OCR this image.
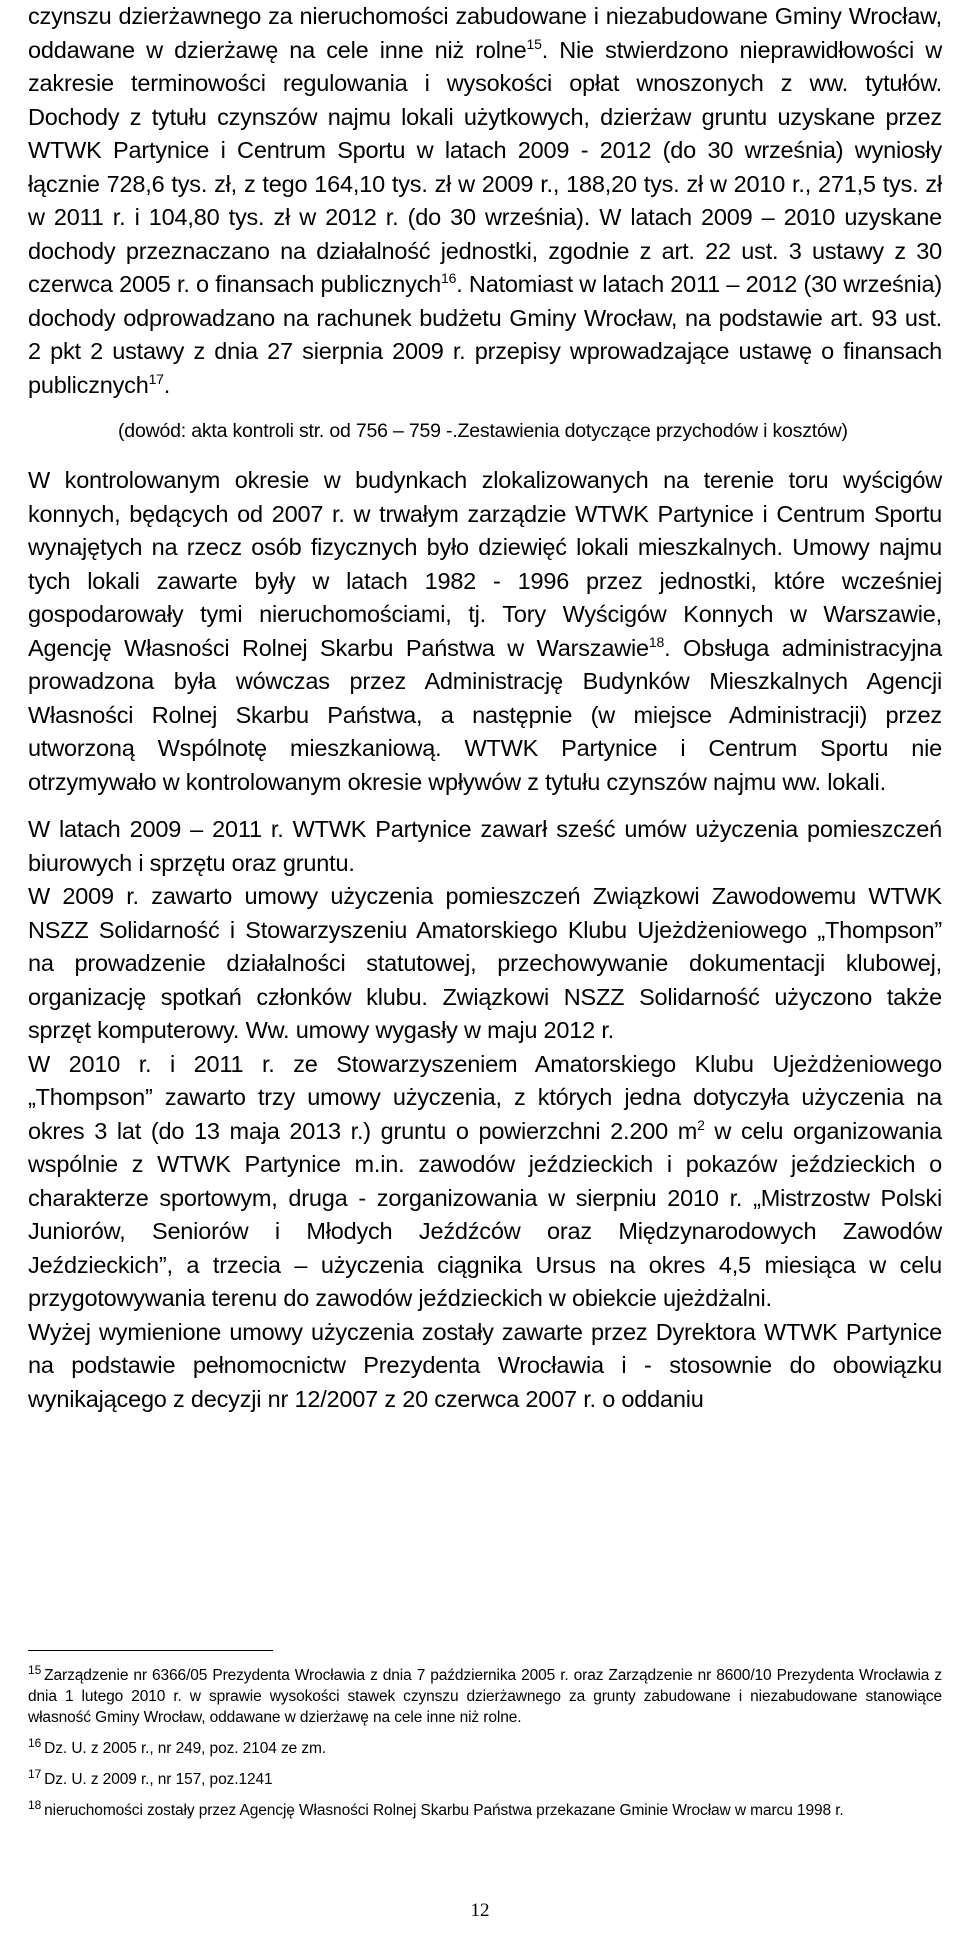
czynszu dzierżawnego za nieruchomości zabudowane i niezabudowane Gminy Wrocław, oddawane w dzierżawę na cele inne niż rolne$^{15}$. Nie stwierdzono nieprawidłowości w zakresie terminowości regulowania i wysokości opłat wnoszonych z ww. tytułów. Dochody z tytułu czynszów najmu lokali użytkowych, dzierżaw gruntu uzyskane przez WTWK Partynice i Centrum Sportu w latach 2009 - 2012 (do 30 września) wyniosły łącznie 728,6 tys. zł, z tego 164,10 tys. zł w 2009 r., 188,20 tys. zł w 2010 r., 271,5 tys. zł w 2011 r. i 104,80 tys. zł w 2012 r. (do 30 września). W latach 2009 – 2010 uzyskane dochody przeznaczano na działalność jednostki, zgodnie z art. 22 ust. 3 ustawy z 30 czerwca 2005 r. o finansach publicznych$^{16}$. Natomiast w latach 2011 – 2012 (30 września) dochody odprowadzano na rachunek budżetu Gminy Wrocław, na podstawie art. 93 ust. 2 pkt 2 ustawy z dnia 27 sierpnia 2009 r. przepisy wprowadzające ustawę o finansach publicznych$^{17}$.

(dowód: akta kontroli str. od 756 – 759 -.Zestawienia dotyczące przychodów i kosztów)

W kontrolowanym okresie w budynkach zlokalizowanych na terenie toru wyścigów konnych, będących od 2007 r. w trwałym zarządzie WTWK Partynice i Centrum Sportu wynajętych na rzecz osób fizycznych było dziewięć lokali mieszkalnych. Umowy najmu tych lokali zawarte były w latach 1982 - 1996 przez jednostki, które wcześniej gospodarowały tymi nieruchomościami, tj. Tory Wyścigów Konnych w Warszawie, Agencję Własności Rolnej Skarbu Państwa w Warszawie$^{18}$. Obsługa administracyjna prowadzona była wówczas przez Administrację Budynków Mieszkalnych Agencji Własności Rolnej Skarbu Państwa, a następnie (w miejsce Administracji) przez utworzoną Wspólnotę mieszkaniową. WTWK Partynice i Centrum Sportu nie otrzymywało w kontrolowanym okresie wpływów z tytułu czynszów najmu ww. lokali.

W latach 2009 – 2011 r. WTWK Partynice zawarł sześć umów użyczenia pomieszczeń biurowych i sprzętu oraz gruntu.

W 2009 r. zawarto umowy użyczenia pomieszczeń Związkowi Zawodowemu WTWK NSZZ Solidarność i Stowarzyszeniu Amatorskiego Klubu Ujeżdżeniowego „Thompson” na prowadzenie działalności statutowej, przechowywanie dokumentacji klubowej, organizację spotkań członków klubu. Związkowi NSZZ Solidarność użyczono także sprzęt komputerowy. Ww. umowy wygasły w maju 2012 r.

W 2010 r. i 2011 r. ze Stowarzyszeniem Amatorskiego Klubu Ujeżdżeniowego „Thompson” zawarto trzy umowy użyczenia, z których jedna dotyczyła użyczenia na okres 3 lat (do 13 maja 2013 r.) gruntu o powierzchni 2.200 $m^2$ w celu organizowania wspólnie z WTWK Partynice m.in. zawodów jeździeckich i pokazów jeździeckich o charakterze sportowym, druga - zorganizowania w sierpniu 2010 r. „Mistrzostw Polski Juniorów, Seniorów i Młodych Jeźdźców oraz Międzynarodowych Zawodów Jeździeckich”, a trzecia – użyczenia ciągnika Ursus na okres 4,5 miesiąca w celu przygotowywania terenu do zawodów jeździeckich w obiekcie ujeżdżalni.

Wyżej wymienione umowy użyczenia zostały zawarte przez Dyrektora WTWK Partynice na podstawie pełnomocnictw Prezydenta Wrocławia i - stosownie do obowiązku wynikającego z decyzji nr 12/2007 z 20 czerwca 2007 r. o oddaniu

$^{15}$ Zarządzenie nr 6366/05 Prezydenta Wrocławia z dnia 7 października 2005 r. oraz Zarządzenie nr 8600/10 Prezydenta Wrocławia z dnia 1 lutego 2010 r. w sprawie wysokości stawek czynszu dzierżawnego za grunty zabudowane i niezabudowane stanowiące własność Gminy Wrocław, oddawane w dzierżawę na cele inne niż rolne.

$^{16}$ Dz. U. z 2005 r., nr 249, poz. 2104 ze zm.

$^{17}$ Dz. U. z 2009 r., nr 157, poz.1241

$^{18}$ nieruchomości zostały przez Agencję Własności Rolnej Skarbu Państwa przekazane Gminie Wrocław w marcu 1998 r.

12
